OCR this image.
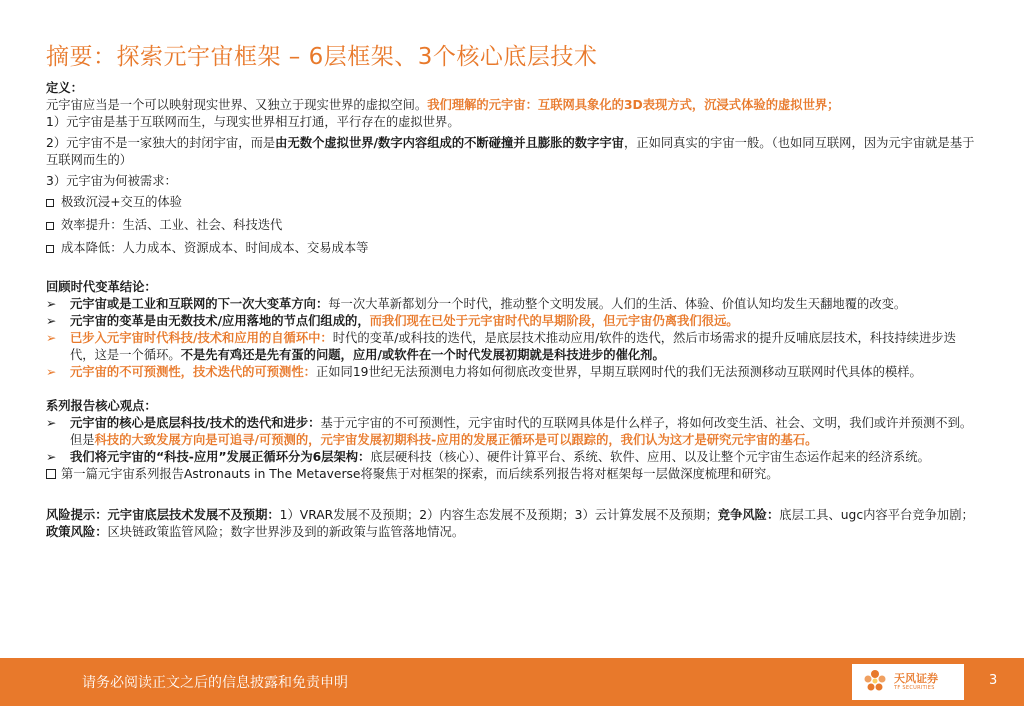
摘要：探索元宇宙框架 – 6层框架、3个核心底层技术

定义：

元宇宙应当是一个可以映射现实世界、又独立于现实世界的虚拟空间。我们理解的元宇宙：互联网具象化的3D表现方式，沉浸式体验的虚拟世界；

1）元宇宙是基于互联网而生，与现实世界相互打通，平行存在的虚拟世界。

2）元宇宙不是一家独大的封闭宇宙，而是由无数个虚拟世界/数字内容组成的不断碰撞并且膨胀的数字宇宙，正如同真实的宇宙一般。（也如同互联网，因为元宇宙就是基于互联网而生的）

3）元宇宙为何被需求：

极致沉浸+交互的体验

效率提升：生活、工业、社会、科技迭代

成本降低：人力成本、资源成本、时间成本、交易成本等

回顾时代变革结论：

➢ 元宇宙或是工业和互联网的下一次大变革方向：每一次大革新都划分一个时代，推动整个文明发展。人们的生活、体验、价值认知均发生天翻地覆的改变。
➢ 元宇宙的变革是由无数技术/应用落地的节点们组成的，而我们现在已处于元宇宙时代的早期阶段，但元宇宙仍离我们很远。
➢ 已步入元宇宙时代科技/技术和应用的自循环中：时代的变革/或科技的迭代，是底层技术推动应用/软件的迭代，然后市场需求的提升反哺底层技术，科技持续进步迭代，这是一个循环。不是先有鸡还是先有蛋的问题，应用/或软件在一个时代发展初期就是科技进步的催化剂。
➢ 元宇宙的不可预测性，技术迭代的可预测性：正如同19世纪无法预测电力将如何彻底改变世界，早期互联网时代的我们无法预测移动互联网时代具体的模样。

系列报告核心观点：

➢ 元宇宙的核心是底层科技/技术的迭代和进步：基于元宇宙的不可预测性，元宇宙时代的互联网具体是什么样子，将如何改变生活、社会、文明，我们或许并预测不到。但是科技的大致发展方向是可追寻/可预测的，元宇宙发展初期科技-应用的发展正循环是可以跟踪的，我们认为这才是研究元宇宙的基石。
➢ 我们将元宇宙的“科技-应用”发展正循环分为6层架构：底层硬科技（核心）、硬件计算平台、系统、软件、应用、以及让整个元宇宙生态运作起来的经济系统。

第一篇元宇宙系列报告Astronauts in The Metaverse将聚焦于对框架的探索，而后续系列报告将对框架每一层做深度梳理和研究。

风险提示：元宇宙底层技术发展不及预期：1）VRAR发展不及预期；2）内容生态发展不及预期；3）云计算发展不及预期；竞争风险：底层工具、ugc内容平台竞争加剧；政策风险：区块链政策监管风险；数字世界涉及到的新政策与监管落地情况。

请务必阅读正文之后的信息披露和免责申明	天风证券
TF SECURITIES	3
